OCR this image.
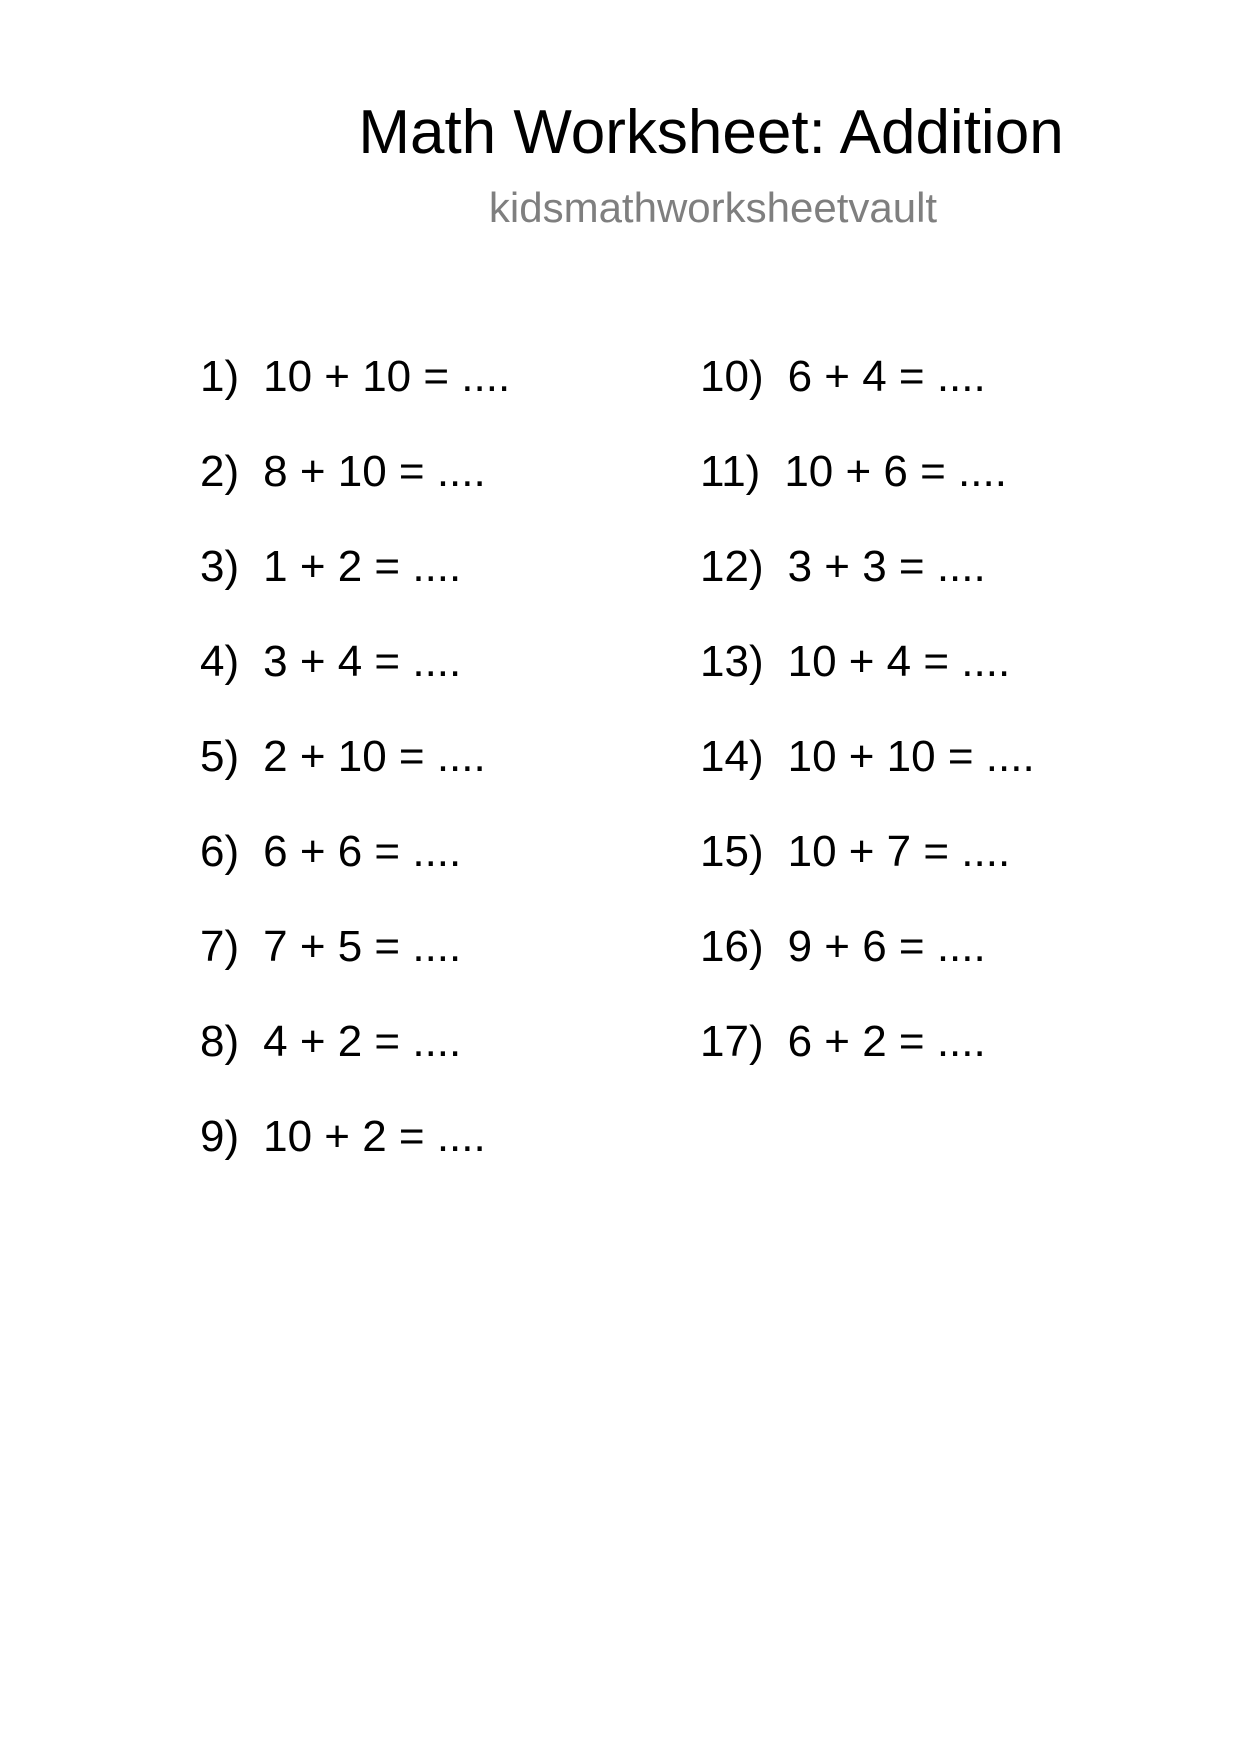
Math Worksheet: Addition
kidsmathworksheetvault
1) 10 + 10 = ....
2) 8 + 10 = ....
3) 1 + 2 = ....
4) 3 + 4 = ....
5) 2 + 10 = ....
6) 6 + 6 = ....
7) 7 + 5 = ....
8) 4 + 2 = ....
9) 10 + 2 = ....
10) 6 + 4 = ....
11) 10 + 6 = ....
12) 3 + 3 = ....
13) 10 + 4 = ....
14) 10 + 10 = ....
15) 10 + 7 = ....
16) 9 + 6 = ....
17) 6 + 2 = ....
